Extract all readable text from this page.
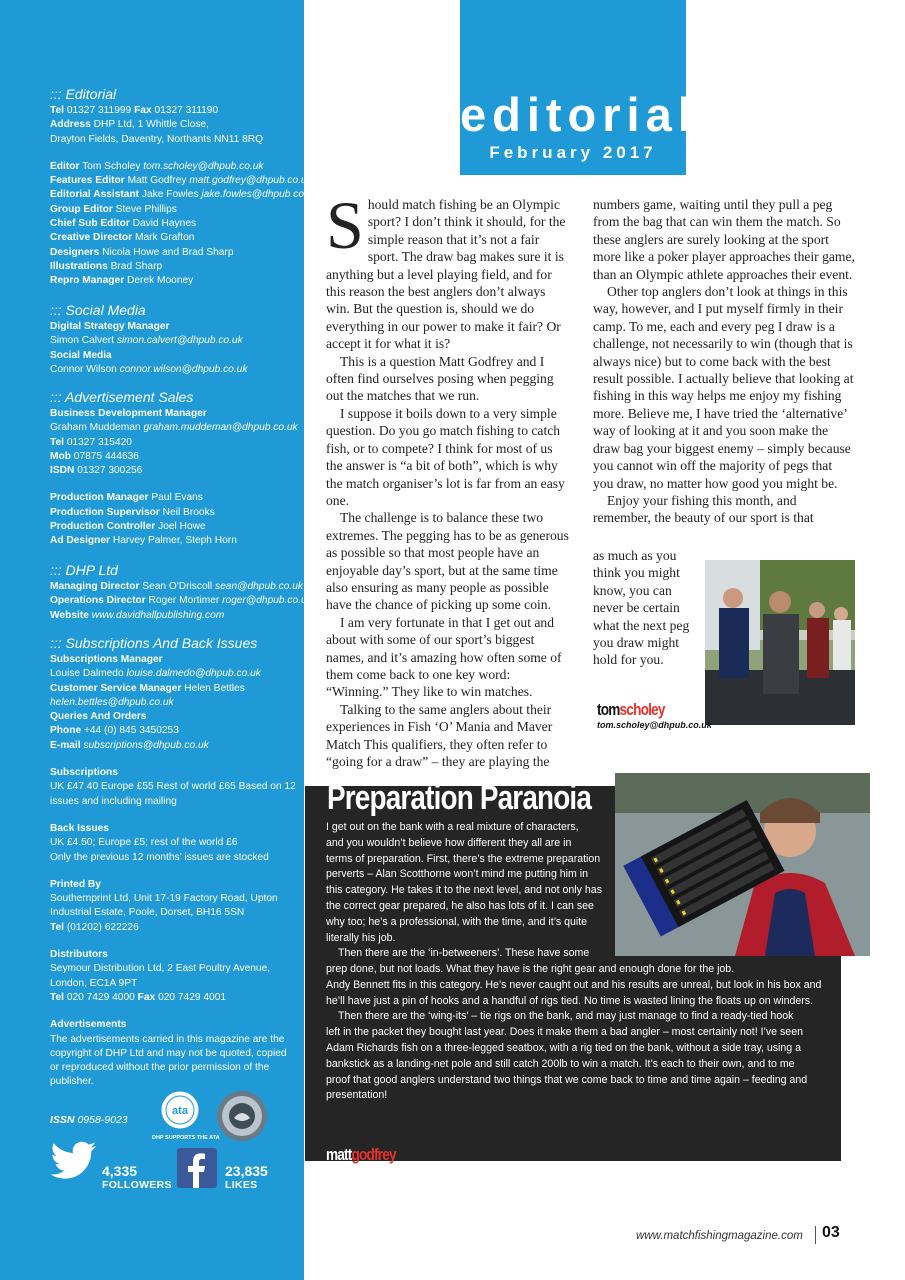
::: Editorial
Tel 01327 311999 Fax 01327 311190
Address DHP Ltd, 1 Whittle Close,
Drayton Fields, Daventry, Northants NN11 8RQ
Editor Tom Scholey tom.scholey@dhpub.co.uk
Features Editor Matt Godfrey matt.godfrey@dhpub.co.uk
Editorial Assistant Jake Fowles jake.fowles@dhpub.co.uk
Group Editor Steve Phillips
Chief Sub Editor David Haynes
Creative Director Mark Grafton
Designers Nicola Howe and Brad Sharp
Illustrations Brad Sharp
Repro Manager Derek Mooney
::: Social Media
Digital Strategy Manager
Simon Calvert simon.calvert@dhpub.co.uk
Social Media
Connor Wilson connor.wilson@dhpub.co.uk
::: Advertisement Sales
Business Development Manager
Graham Muddeman graham.muddeman@dhpub.co.uk
Tel 01327 315420
Mob 07875 444636
ISDN 01327 300256
Production Manager Paul Evans
Production Supervisor Neil Brooks
Production Controller Joel Howe
Ad Designer Harvey Palmer, Steph Horn
::: DHP Ltd
Managing Director Sean O'Driscoll sean@dhpub.co.uk
Operations Director Roger Mortimer roger@dhpub.co.uk
Website www.davidhallpublishing.com
::: Subscriptions And Back Issues
Subscriptions Manager
Louise Dalmedo louise.dalmedo@dhpub.co.uk
Customer Service Manager Helen Bettles
helen.bettles@dhpub.co.uk
Queries And Orders
Phone +44 (0) 845 3450253
E-mail subscriptions@dhpub.co.uk
Subscriptions
UK £47.40 Europe £55 Rest of world £65 Based on 12
issues and including mailing
Back Issues
UK £4.50; Europe £5; rest of the world £6
Only the previous 12 months’ issues are stocked
Printed By
Southernprint Ltd, Unit 17-19 Factory Road, Upton
Industrial Estate, Poole, Dorset, BH16 5SN
Tel (01202) 622226
Distributors
Seymour Distribution Ltd, 2 East Poultry Avenue,
London, EC1A 9PT
Tel 020 7429 4000 Fax 020 7429 4001
Advertisements
The advertisements carried in this magazine are the
copyright of DHP Ltd and may not be quoted, copied
or reproduced without the prior permission of the
publisher.
ISSN 0958-9023
ata
DHP SUPPORTS THE ATA
4,335
FOLLOWERS
23,835
LIKES
editorial
February 2017

Should match fishing be an Olympic sport? I don’t think it should, for the simple reason that it’s not a fair sport. The draw bag makes sure it is anything but a level playing field, and for this reason the best anglers don’t always win. But the question is, should we do everything in our power to make it fair? Or accept it for what it is?

This is a question Matt Godfrey and I often find ourselves posing when pegging out the matches that we run.

I suppose it boils down to a very simple question. Do you go match fishing to catch fish, or to compete? I think for most of us the answer is “a bit of both”, which is why the match organiser’s lot is far from an easy one.

The challenge is to balance these two extremes. The pegging has to be as generous as possible so that most people have an enjoyable day’s sport, but at the same time also ensuring as many people as possible have the chance of picking up some coin.

I am very fortunate in that I get out and about with some of our sport’s biggest names, and it’s amazing how often some of them come back to one key word: “Winning.” They like to win matches.

Talking to the same anglers about their experiences in Fish ‘O’ Mania and Maver Match This qualifiers, they often refer to “going for a draw” – they are playing the

numbers game, waiting until they pull a peg from the bag that can win them the match. So these anglers are surely looking at the sport more like a poker player approaches their game, than an Olympic athlete approaches their event.

Other top anglers don’t look at things in this way, however, and I put myself firmly in their camp. To me, each and every peg I draw is a challenge, not necessarily to win (though that is always nice) but to come back with the best result possible. I actually believe that looking at fishing in this way helps me enjoy my fishing more. Believe me, I have tried the ‘alternative’ way of looking at it and you soon make the draw bag your biggest enemy – simply because you cannot win off the majority of pegs that you draw, no matter how good you might be.

Enjoy your fishing this month, and remember, the beauty of our sport is that

as much as you think you might know, you can never be certain what the next peg you draw might hold for you.

tomscholey
tom.scholey@dhpub.co.uk
Preparation Paranoia
I get out on the bank with a real mixture of characters,
and you wouldn’t believe how different they all are in
terms of preparation. First, there’s the extreme preparation
perverts – Alan Scotthorne won’t mind me putting him in
this category. He takes it to the next level, and not only has
the correct gear prepared, he also has lots of it. I can see
why too; he’s a professional, with the time, and it’s quite
literally his job.
Then there are the ‘in-betweeners’. These have some
prep done, but not loads. What they have is the right gear and enough done for the job.
Andy Bennett fits in this category. He’s never caught out and his results are unreal, but look in his box and
he’ll have just a pin of hooks and a handful of rigs tied. No time is wasted lining the floats up on winders.
Then there are the ‘wing-its’ – tie rigs on the bank, and may just manage to find a ready-tied hook
left in the packet they bought last year. Does it make them a bad angler – most certainly not! I’ve seen
Adam Richards fish on a three-legged seatbox, with a rig tied on the bank, without a side tray, using a
bankstick as a landing-net pole and still catch 200lb to win a match. It’s each to their own, and to me
proof that good anglers understand two things that we come back to time and time again – feeding and
presentation!
mattgodfrey
matt.godfrey@dhpub.co.uk
www.matchfishingmagazine.com 03
